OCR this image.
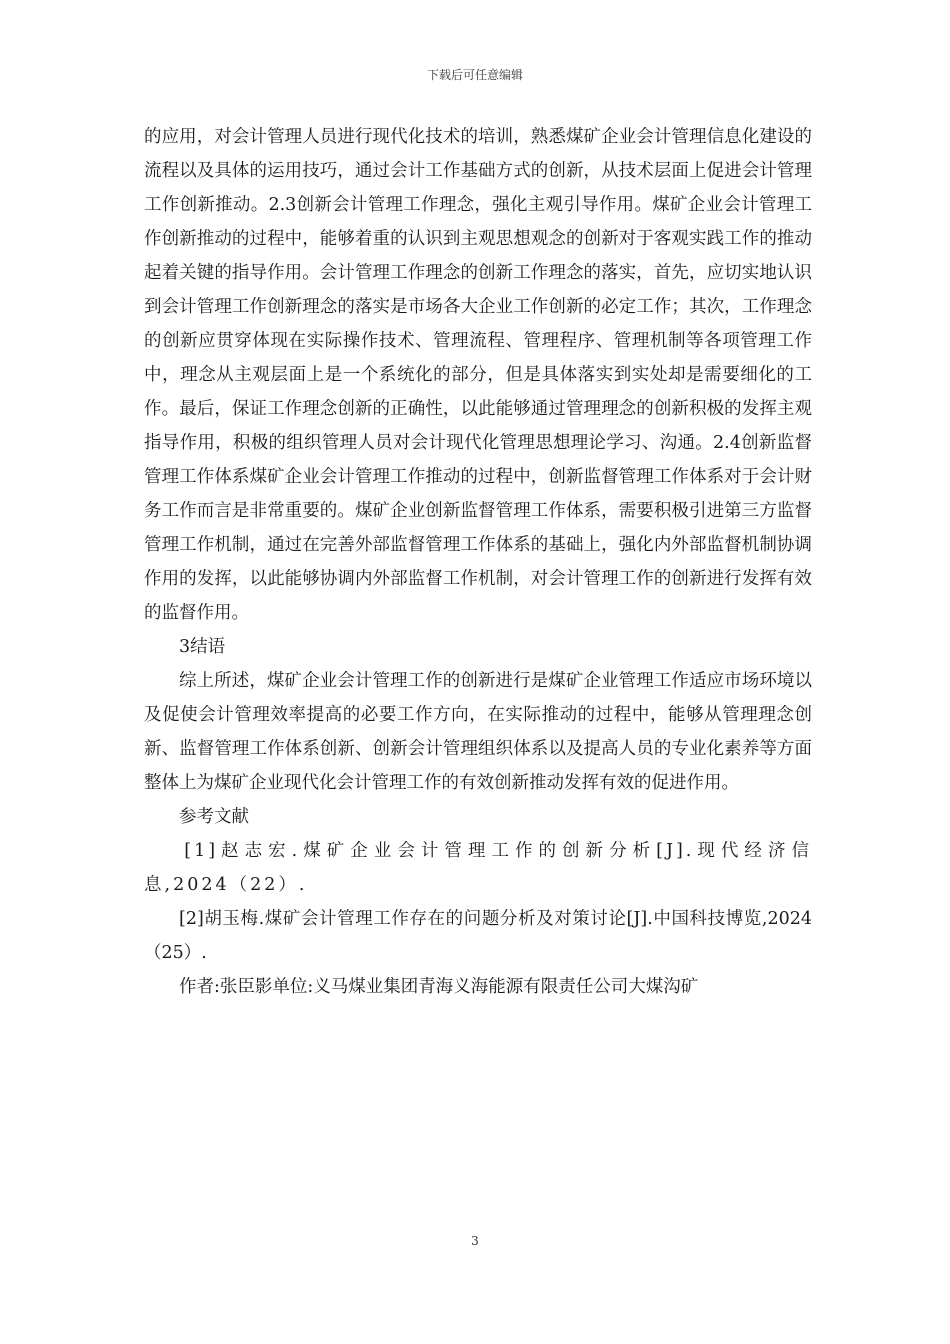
下载后可任意编辑

的应用，对会计管理人员进行现代化技术的培训，熟悉煤矿企业会计管理信息化建设的流程以及具体的运用技巧，通过会计工作基础方式的创新，从技术层面上促进会计管理工作创新推动。2.3创新会计管理工作理念，强化主观引导作用。煤矿企业会计管理工作创新推动的过程中，能够着重的认识到主观思想观念的创新对于客观实践工作的推动起着关键的指导作用。会计管理工作理念的创新工作理念的落实，首先，应切实地认识到会计管理工作创新理念的落实是市场各大企业工作创新的必定工作；其次，工作理念的创新应贯穿体现在实际操作技术、管理流程、管理程序、管理机制等各项管理工作中，理念从主观层面上是一个系统化的部分，但是具体落实到实处却是需要细化的工作。最后，保证工作理念创新的正确性，以此能够通过管理理念的创新积极的发挥主观指导作用，积极的组织管理人员对会计现代化管理思想理论学习、沟通。2.4创新监督管理工作体系煤矿企业会计管理工作推动的过程中，创新监督管理工作体系对于会计财务工作而言是非常重要的。煤矿企业创新监督管理工作体系，需要积极引进第三方监督管理工作机制，通过在完善外部监督管理工作体系的基础上，强化内外部监督机制协调作用的发挥，以此能够协调内外部监督工作机制，对会计管理工作的创新进行发挥有效的监督作用。

3结语

综上所述，煤矿企业会计管理工作的创新进行是煤矿企业管理工作适应市场环境以及促使会计管理效率提高的必要工作方向，在实际推动的过程中，能够从管理理念创新、监督管理工作体系创新、创新会计管理组织体系以及提高人员的专业化素养等方面整体上为煤矿企业现代化会计管理工作的有效创新推动发挥有效的促进作用。

参考文献

[1]赵志宏.煤矿企业会计管理工作的创新分析[J].现代经济信息,2024（22）.

[2]胡玉梅.煤矿会计管理工作存在的问题分析及对策讨论[J].中国科技博览,2024（25）.

作者:张臣影单位:义马煤业集团青海义海能源有限责任公司大煤沟矿

3
